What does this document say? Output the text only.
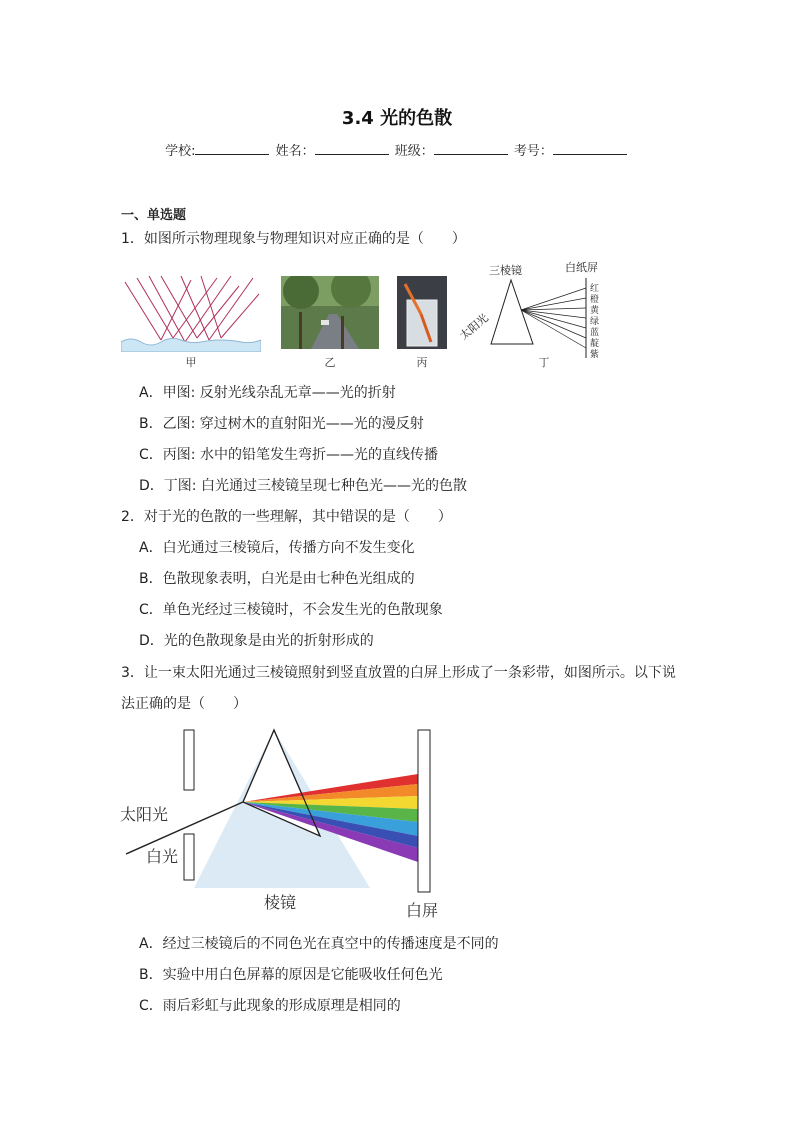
3.4 光的色散
学校:	姓名：	班级：	考号：
一、单选题
1．如图所示物理现象与物理知识对应正确的是（　　）
甲	乙	丙
三棱镜	白纸屏
太阳光
红
橙
黄
绿
蓝
靛
紫
丁
A．甲图: 反射光线杂乱无章——光的折射
B．乙图: 穿过树木的直射阳光——光的漫反射
C．丙图: 水中的铅笔发生弯折——光的直线传播
D．丁图: 白光通过三棱镜呈现七种色光——光的色散
2．对于光的色散的一些理解，其中错误的是（　　）
A．白光通过三棱镜后，传播方向不发生变化
B．色散现象表明，白光是由七种色光组成的
C．单色光经过三棱镜时，不会发生光的色散现象
D．光的色散现象是由光的折射形成的
3．让一束太阳光通过三棱镜照射到竖直放置的白屏上形成了一条彩带，如图所示。以下说
法正确的是（　　）
太阳光
白光
棱镜	白屏
A．经过三棱镜后的不同色光在真空中的传播速度是不同的
B．实验中用白色屏幕的原因是它能吸收任何色光
C．雨后彩虹与此现象的形成原理是相同的
